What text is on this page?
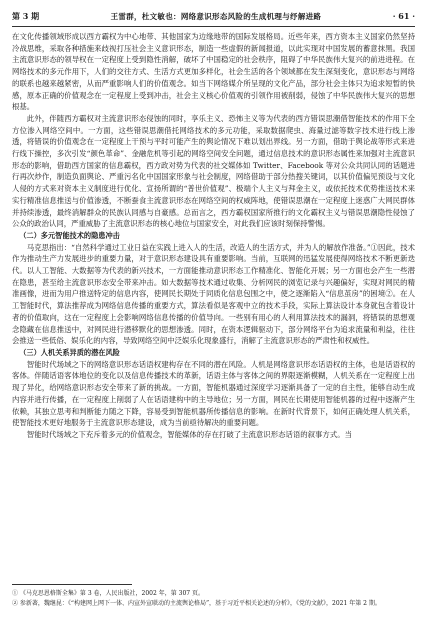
第 3 期	王雷群，杜文敏也：网络意识形态风险的生成机理与纾解进路	· 61 ·

在文化传播领域形成以西方霸权为中心地带、其他国家为边缘地带的国际发展格局。近些年来，西方资本主义国家仍然坚持冷战思维，采取各种措施来歧视打压社会主义意识形态，制造一些虚假的新闻报道，以此实现对中国发展的蓄意抹黑。我国主流意识形态的领导权在一定程度上受到隐性消解，破坏了中国稳定的社会秩序，阻碍了中华民族伟大复兴的前进进程。在网络技术的多元作用下，人们的交往方式、生活方式更加多样化，社会生活的各个领域都在发生深刻变化，意识形态与网络的联系也越来越紧密，从而严重影响人们的价值观念。如当下网络媒介所呈现的文化产品，部分社会主体只为追求短暂的快感，原本正确的价值观念在一定程度上受到冲击，社会主义核心价值观的引领作用被削弱，侵蚀了中华民族伟大复兴的思想根基。

此外，伴随西方霸权对主流意识形态侵蚀的同时，享乐主义、恐怖主义等为代表的西方错误思潮借智能技术的作用下全方位渗入网络空间中。一方面，这些错误思潮借托网络技术的多元功能，采取数据爬虫、海量过滤等数字技术进行线上渗透，将错误的价值观念在一定程度上干预与平时可能产生的舆论情况下难以划出界线。另一方面，借助于舆论战等形式来进行线下操控，多次引发“颜色革命”、金融危机等引起的网络空间安全问题，通过信息技术的意识形态属性来加强对主流意识形态的影响，借助西方国家的信息霸权，西方政对势为代表的社交媒体如 Twitter、Facebook 等对公众共同认同的话题进行再次炒作，制造负面舆论、严重污名化中国国家形象与社会制度，网络借助于部分热搜关键词，以其价值偏见预设与文化人侵的方式来对资本主义制度进行优化、宣扬所谓的“普世价值观”、极端个人主义与拜金主义，或依托技术优势推送技术来实行精准信息推送与价值渗透，不断蚕食主流意识形态在网络空间的权威阵地，使错误思潮在一定程度上迷惑广大网民群体并持续渗透，最终消解群众的民族认同感与自豪感。总而言之，西方霸权国家所推行的文化霸权主义与错误思潮隐性侵蚀了公众的政治认同，严重威胁了主流意识形态的核心地位与国家安全，对此我们应该时刻保持警惕。

（二）多元智能技术的隐患冲击

马克思指出：“自然科学通过工业日益在实践上进入人的生活，改造人的生活方式，并为人的解放作准备。”①因此，技术作为推动生产力发展进步的重要力量，对于意识形态建设具有重要影响。当前，互联网的迅猛发展使得网络技术不断更新迭代。以人工智能、大数据等为代表的新兴技术，一方面能推动意识形态工作精准化、智能化开展；另一方面也会产生一些潜在隐患，甚至给主流意识形态安全带来冲击。如大数据等技术通过收集、分析网民的浏览记录与兴趣偏好，实现对网民的精准画像，进而为用户推送特定的信息内容，使网民长期处于同质化信息包围之中，使之逐渐陷入“信息茧房”的困境②。在人工智能时代，算法推荐成为网络信息传播的重要方式，算法看似是客观中立的技术手段，实际上算法设计本身就包含着设计者的价值取向，这在一定程度上会影响网络信息传播的价值导向。一些别有用心的人利用算法技术的漏洞，将错误的思想观念隐藏在信息推送中，对网民进行潜移默化的思想渗透。同时，在资本逻辑驱动下，部分网络平台为追求流量和利益，往往会推送一些低俗、娱乐化的内容，导致网络空间中泛娱乐化现象盛行，消解了主流意识形态的严肃性和权威性。

（三）人机关系异质的潜在风险

智能时代场域之下的网络意识形态话语权建构存在不同的潜在风险。人机是网络意识形态话语权的主体，也是话语权的客体。伴随话语客体地位的变化以及信息传播技术的革新，话语主体与客体之间的界限逐渐模糊，人机关系在一定程度上出现了异化，给网络意识形态安全带来了新的挑战。一方面，智能机器通过深度学习逐渐具备了一定的自主性，能够自动生成内容并进行传播，在一定程度上削弱了人在话语建构中的主导地位；另一方面，网民在长期使用智能机器的过程中逐渐产生依赖，其独立思考和判断能力随之下降，容易受到智能机器所传播信息的影响。在新时代背景下，如何正确处理人机关系，使智能技术更好地服务于主流意识形态建设，成为当前亟待解决的重要问题。

智能时代场域之下充斥着多元的价值观念，智能媒体的存在打破了主流意识形态话语的叙事方式。当

① 《马克思恩格斯全集》第 3 卷，人民出版社，2002 年，第 307 页。
② 参新著，魏继昆：《“构建网上网下一体、内宣外宣联动的主流舆论格局”，基于习近平相关论述的分析》，《党的文献》，2021 年第 2 期。
